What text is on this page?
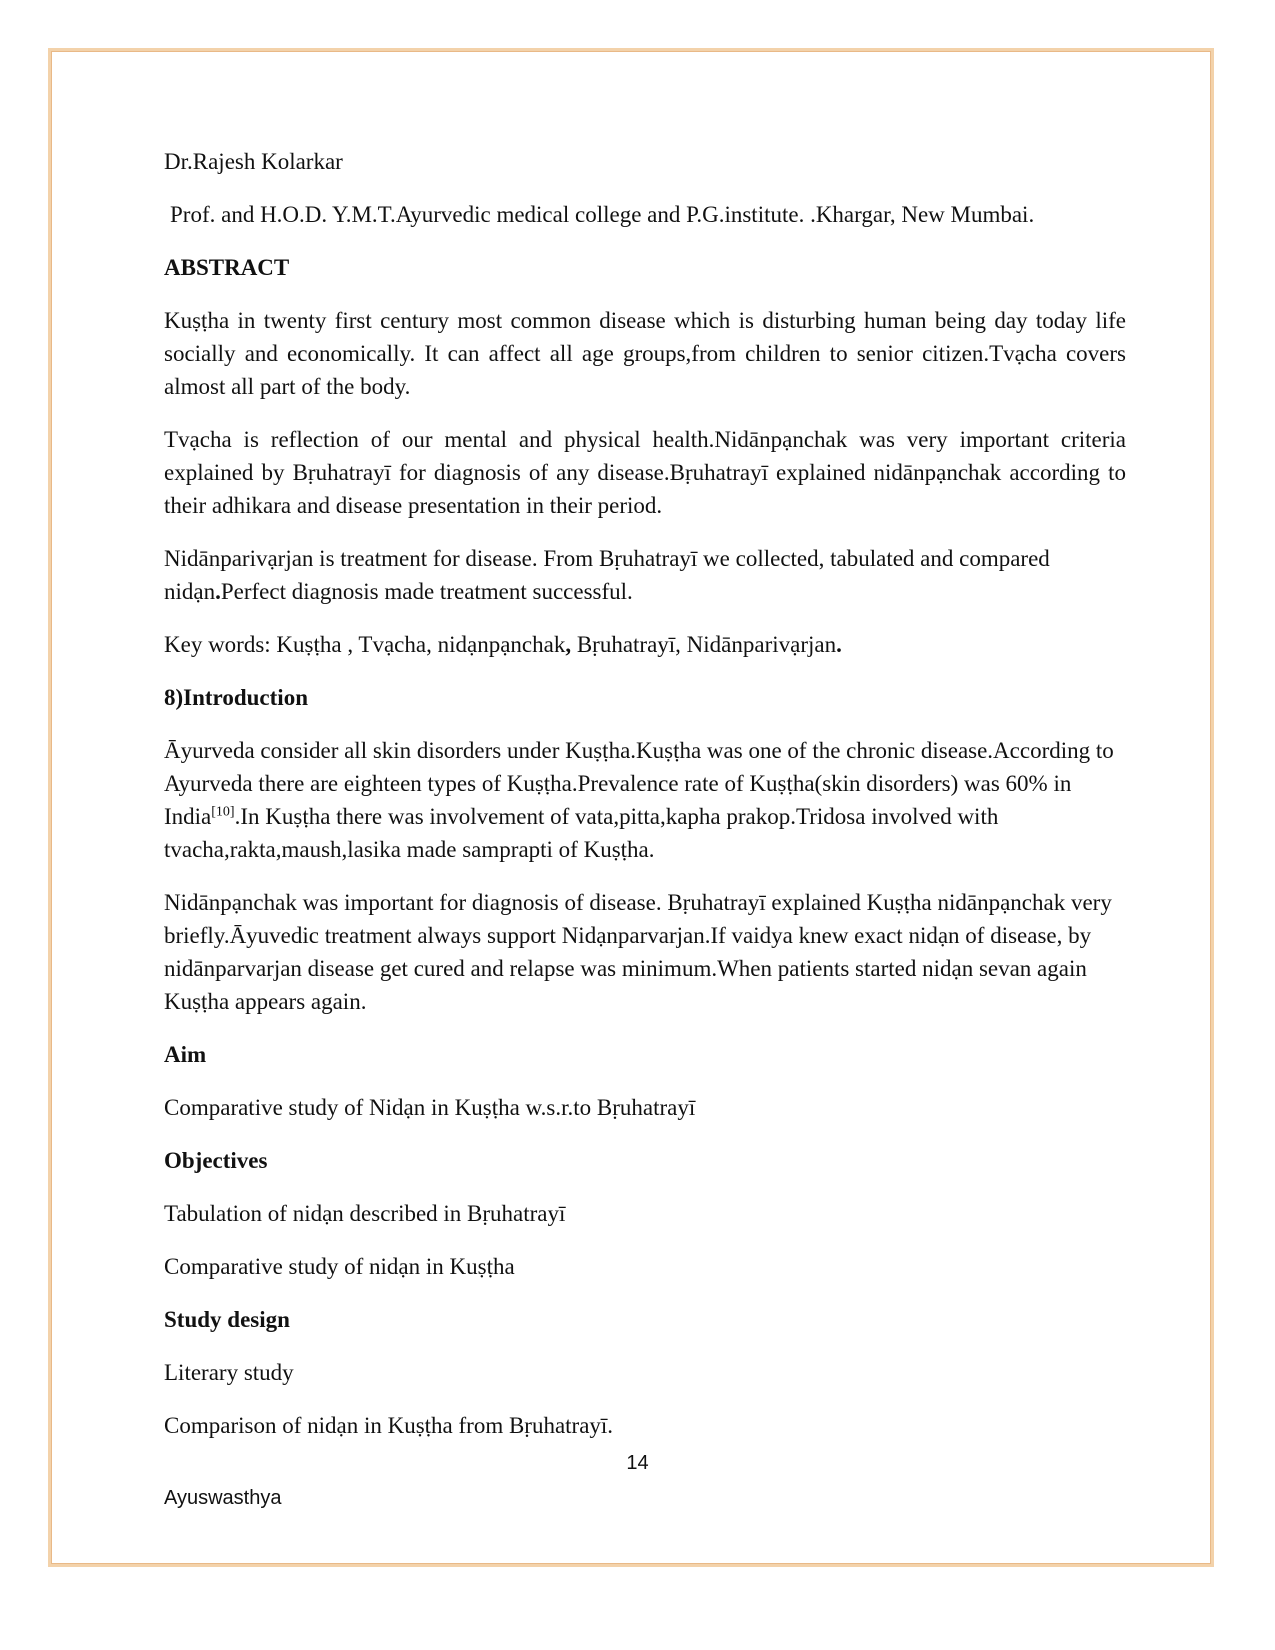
Dr.Rajesh Kolarkar

Prof. and H.O.D. Y.M.T.Ayurvedic medical college and P.G.institute. .Khargar, New Mumbai.

ABSTRACT

Kuṣṭha in twenty first century most common disease which is disturbing human being day today life socially and economically. It can affect all age groups,from children to senior citizen.Tvạcha covers almost all part of the body.

Tvạcha is reflection of our mental and physical health.Nidānpạnchak was very important criteria explained by Bṛuhatrayī for diagnosis of any disease.Bṛuhatrayī explained nidānpạnchak according to their adhikara and disease presentation in their period.

Nidānparivạrjan is treatment for disease. From Bṛuhatrayī we collected, tabulated and compared nidạn.Perfect diagnosis made treatment successful.

Key words: Kuṣṭha , Tvạcha, nidạnpạnchak, Bṛuhatrayī, Nidānparivạrjan.

8)Introduction

Āyurveda consider all skin disorders under Kuṣṭha.Kuṣṭha was one of the chronic disease.According to Ayurveda there are eighteen types of Kuṣṭha.Prevalence rate of Kuṣṭha(skin disorders) was 60% in India[10].In Kuṣṭha there was involvement of vata,pitta,kapha prakop.Tridosa involved with tvacha,rakta,maush,lasika made samprapti of Kuṣṭha.

Nidānpạnchak was important for diagnosis of disease. Bṛuhatrayī explained Kuṣṭha nidānpạnchak very briefly.Āyuvedic treatment always support Nidạnparvarjan.If vaidya knew exact nidạn of disease, by nidānparvarjan disease get cured and relapse was minimum.When patients started nidạn sevan again Kuṣṭha appears again.

Aim

Comparative study of Nidạn in Kuṣṭha w.s.r.to Bṛuhatrayī

Objectives

Tabulation of nidạn described in Bṛuhatrayī

Comparative study of nidạn in Kuṣṭha

Study design

Literary study

Comparison of nidạn in Kuṣṭha from Bṛuhatrayī.

14
Ayuswasthya
